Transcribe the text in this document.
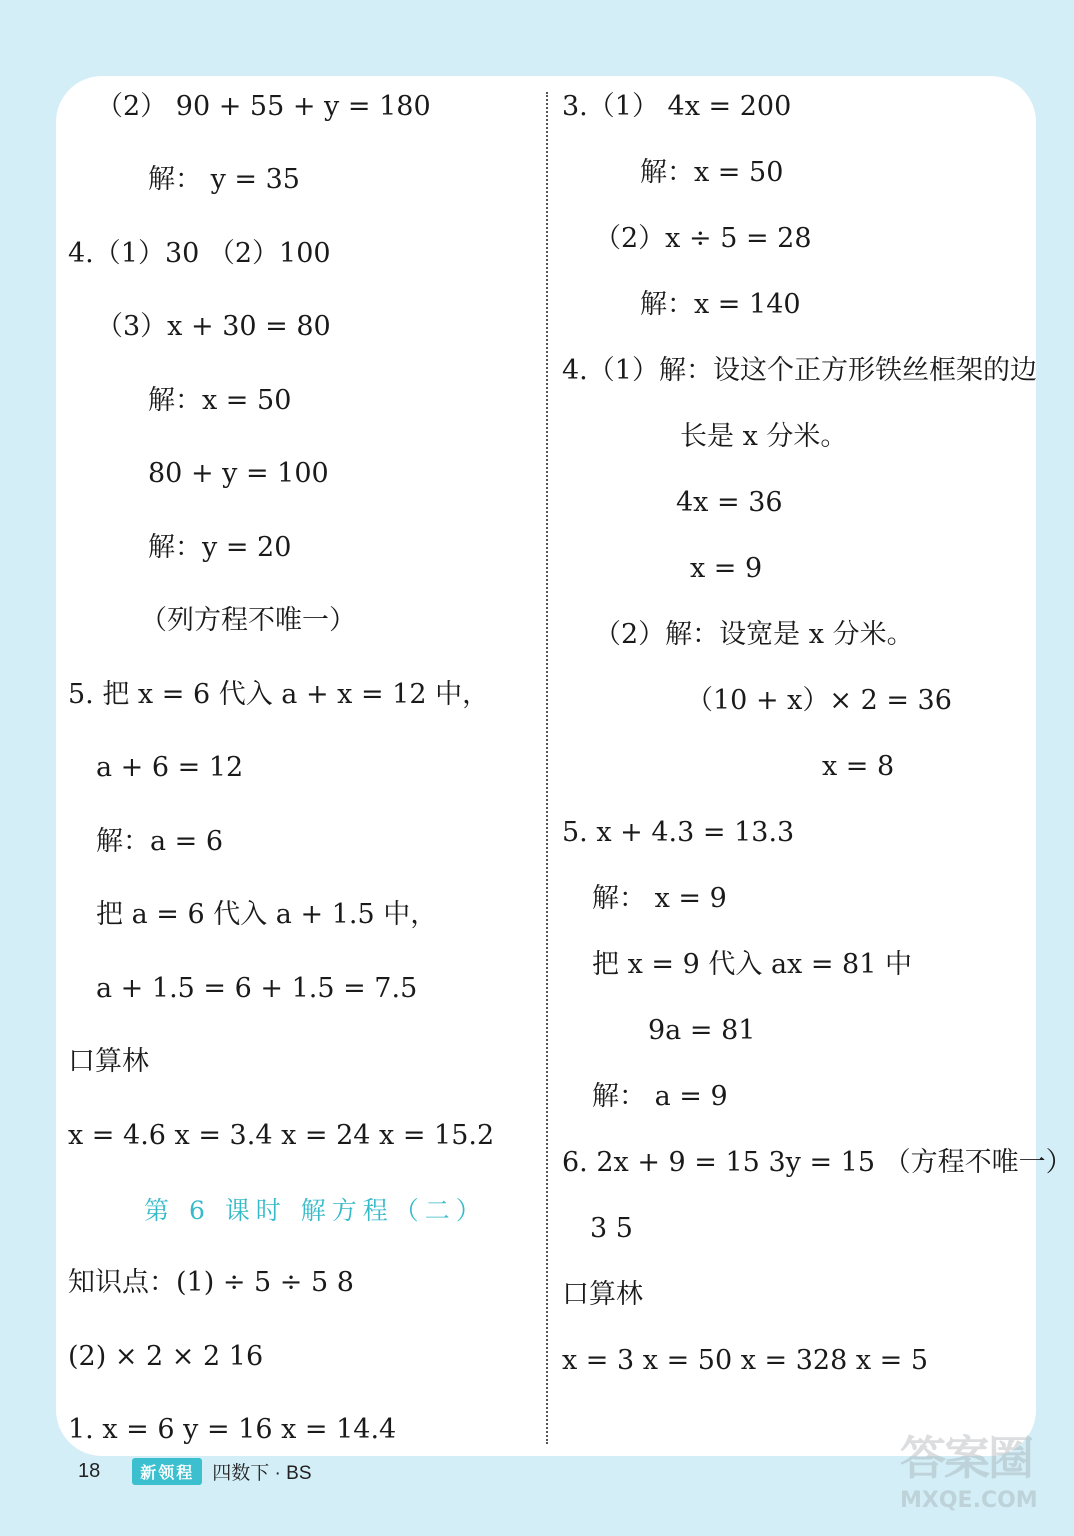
（2） 90 + 55 + y = 180
解： y = 35
4.（1）30 （2）100
（3）x + 30 = 80
解：x = 50
80 + y = 100
解：y = 20
（列方程不唯一）
5. 把 x = 6 代入 a + x = 12 中，
a + 6 = 12
解：a = 6
把 a = 6 代入 a + 1.5 中，
a + 1.5 = 6 + 1.5 = 7.5
口算林
x = 4.6 x = 3.4 x = 24 x = 15.2
第 6 课时 解方程（二）
知识点：(1) ÷ 5 ÷ 5 8
(2) × 2 × 2 16
1. x = 6 y = 16 x = 14.4
3.（1） 4x = 200
解：x = 50
（2）x ÷ 5 = 28
解：x = 140
4.（1）解：设这个正方形铁丝框架的边
长是 x 分米。
4x = 36
x = 9
（2）解：设宽是 x 分米。
（10 + x）× 2 = 36
x = 8
5. x + 4.3 = 13.3
解： x = 9
把 x = 9 代入 ax = 81 中
9a = 81
解： a = 9
6. 2x + 9 = 15 3y = 15 （方程不唯一）
3 5
口算林
x = 3 x = 50 x = 328 x = 5
18	新领程 四数下 · BS	答案圈
MXQE.COM
